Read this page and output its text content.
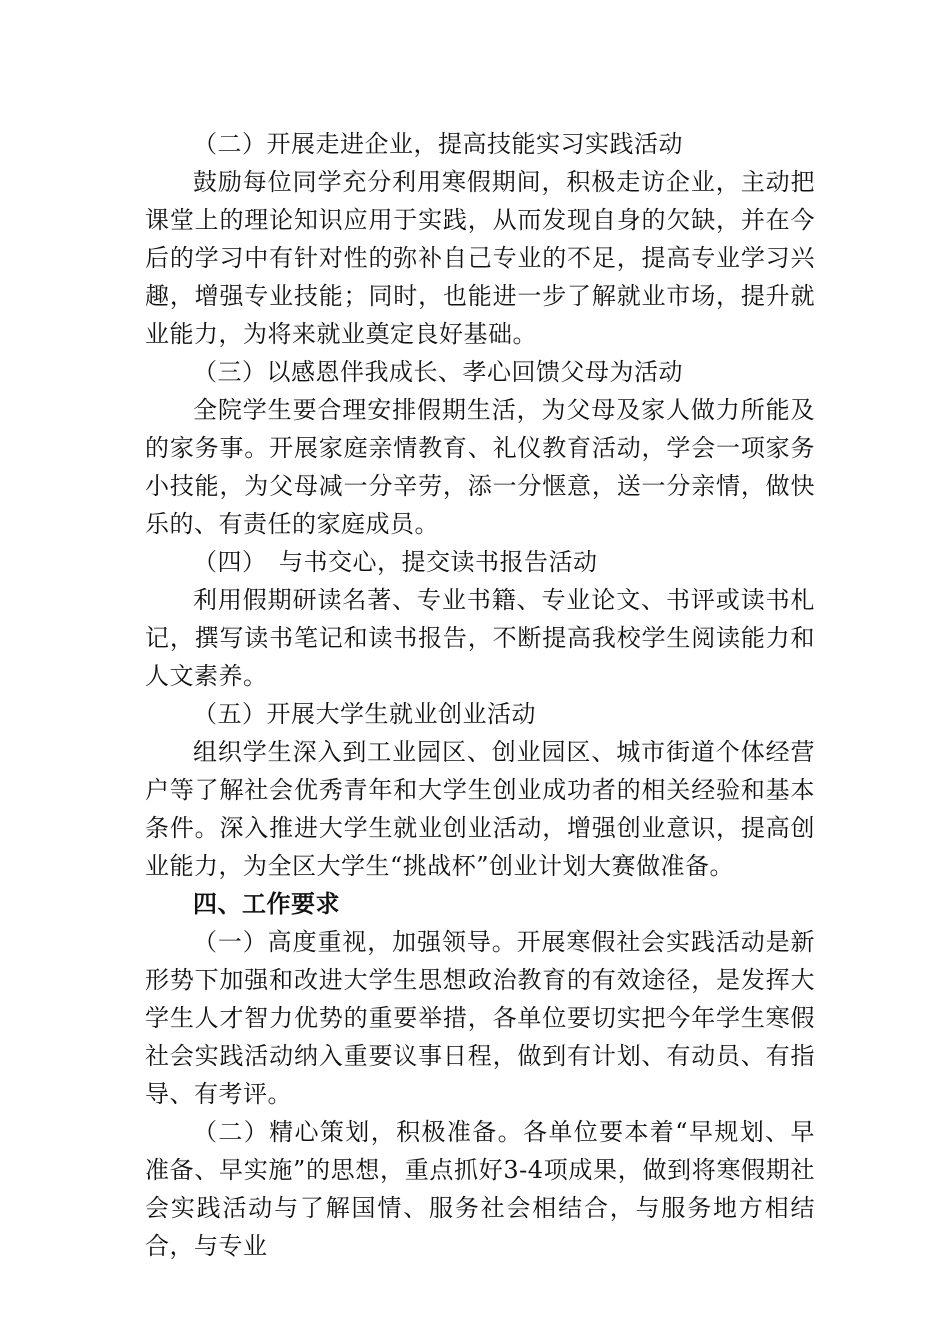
（二）开展走进企业，提高技能实习实践活动

鼓励每位同学充分利用寒假期间，积极走访企业，主动把课堂上的理论知识应用于实践，从而发现自身的欠缺，并在今后的学习中有针对性的弥补自己专业的不足，提高专业学习兴趣，增强专业技能；同时，也能进一步了解就业市场，提升就业能力，为将来就业奠定良好基础。

（三）以感恩伴我成长、孝心回馈父母为活动

全院学生要合理安排假期生活，为父母及家人做力所能及的家务事。开展家庭亲情教育、礼仪教育活动，学会一项家务小技能，为父母减一分辛劳，添一分惬意，送一分亲情，做快乐的、有责任的家庭成员。

（四）　与书交心，提交读书报告活动

利用假期研读名著、专业书籍、专业论文、书评或读书札记，撰写读书笔记和读书报告，不断提高我校学生阅读能力和人文素养。

（五）开展大学生就业创业活动

组织学生深入到工业园区、创业园区、城市街道个体经营户等了解社会优秀青年和大学生创业成功者的相关经验和基本条件。深入推进大学生就业创业活动，增强创业意识，提高创业能力，为全区大学生“挑战杯”创业计划大赛做准备。

四、工作要求

（一）高度重视，加强领导。开展寒假社会实践活动是新形势下加强和改进大学生思想政治教育的有效途径，是发挥大学生人才智力优势的重要举措，各单位要切实把今年学生寒假社会实践活动纳入重要议事日程，做到有计划、有动员、有指导、有考评。

（二）精心策划，积极准备。各单位要本着“早规划、早准备、早实施”的思想，重点抓好3-4项成果，做到将寒假期社会实践活动与了解国情、服务社会相结合，与服务地方相结合，与专业
